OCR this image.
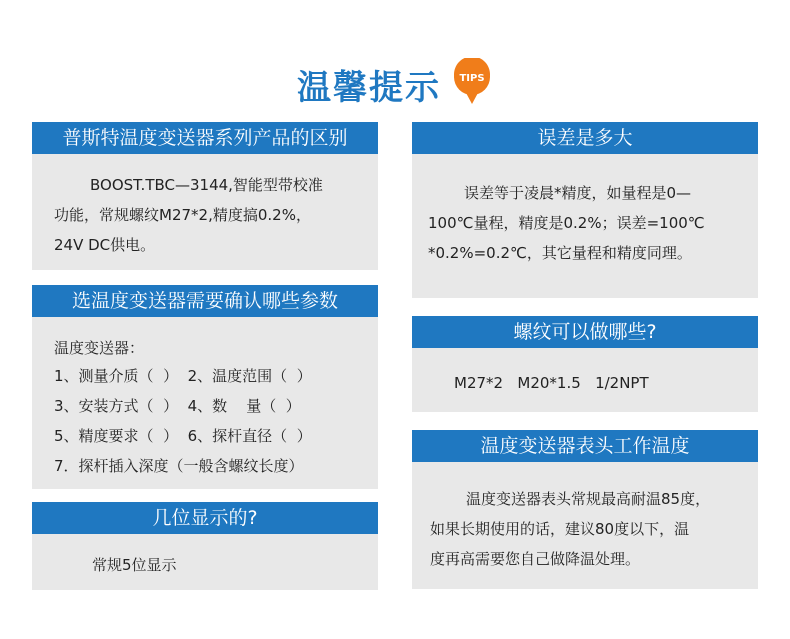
温馨提示 TIPS
普斯特温度变送器系列产品的区别
BOOST.TBC—3144,智能型带校准
功能，常规螺纹M27*2,精度搞0.2%，
24V DC供电。
选温度变送器需要确认哪些参数
温度变送器：
1、测量介质（  ）  2、温度范围（  ）
3、安装方式（  ）  4、数    量（  ）
5、精度要求（  ）  6、探杆直径（  ）
7．探杆插入深度（一般含螺纹长度）
几位显示的?
常规5位显示
误差是多大
误差等于凌晨*精度，如量程是0—
100℃量程，精度是0.2%；误差=100℃
*0.2%=0.2℃，其它量程和精度同理。
螺纹可以做哪些?
M27*2   M20*1.5   1/2NPT
温度变送器表头工作温度
温度变送器表头常规最高耐温85度，
如果长期使用的话，建议80度以下，温
度再高需要您自己做降温处理。
